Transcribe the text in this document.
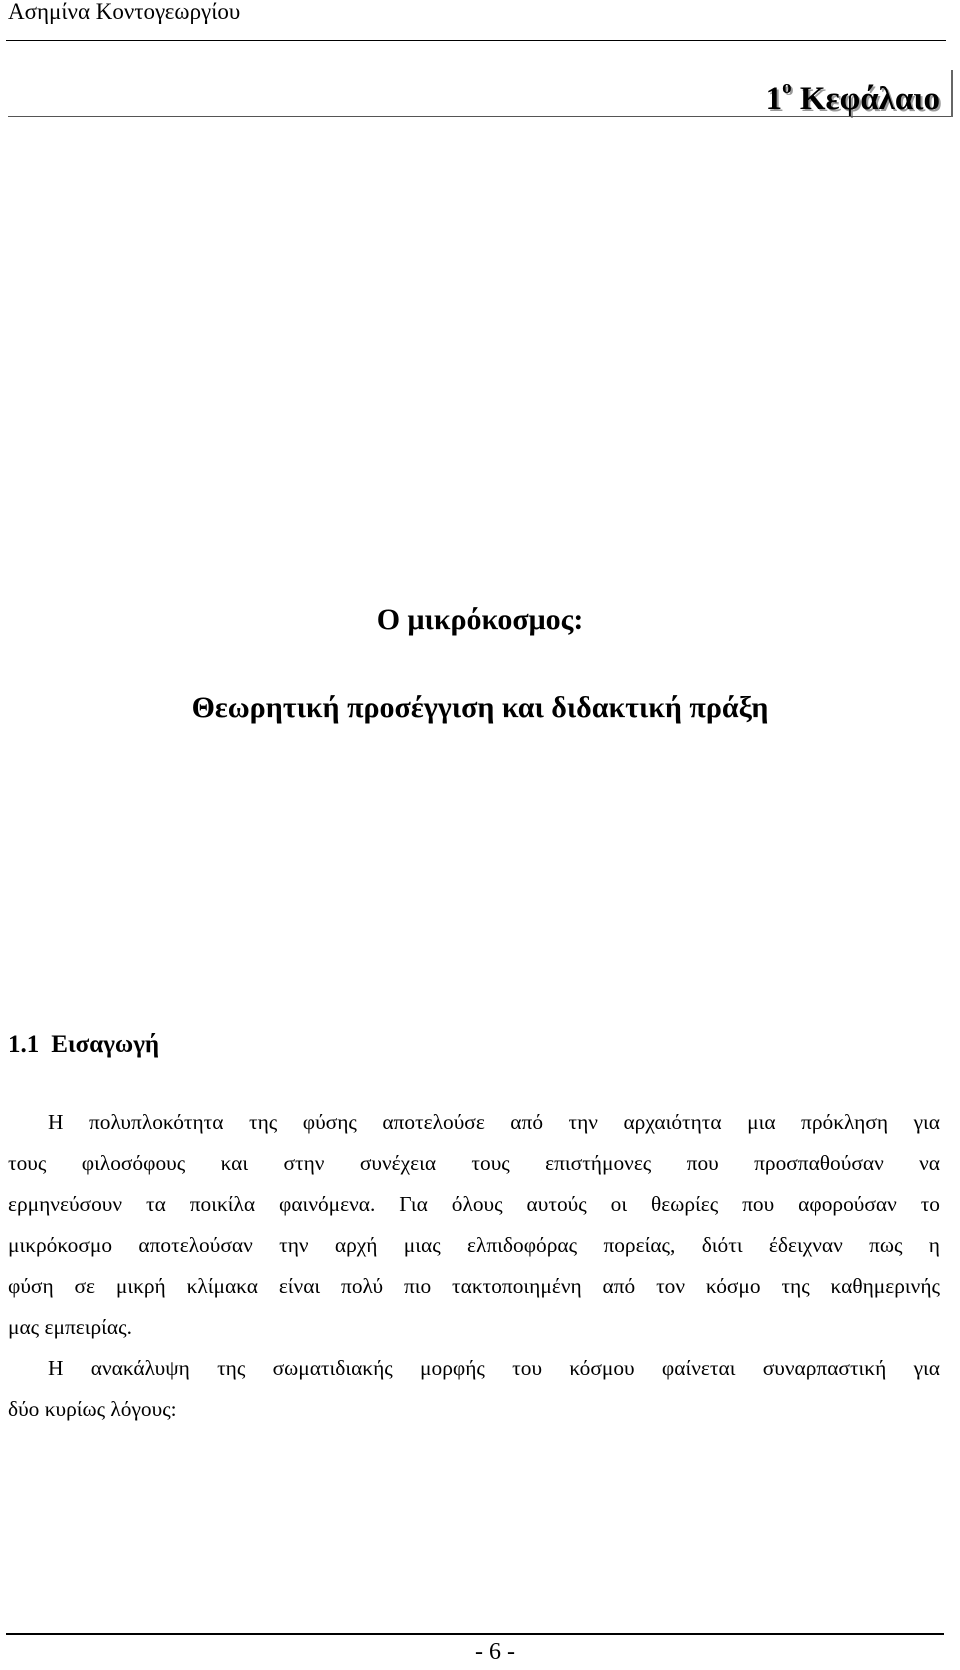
Ασημίνα Κοντογεωργίου
$1^o$ Κεφάλαιο
Ο μικρόκοσμος:
Θεωρητική προσέγγιση και διδακτική πράξη
1.1 Εισαγωγή
Η πολυπλοκότητα της φύσης αποτελούσε από την αρχαιότητα μια πρόκληση για
τους φιλοσόφους και στην συνέχεια τους επιστήμονες που προσπαθούσαν να
ερμηνεύσουν τα ποικίλα φαινόμενα. Για όλους αυτούς οι θεωρίες που αφορούσαν το
μικρόκοσμο αποτελούσαν την αρχή μιας ελπιδοφόρας πορείας, διότι έδειχναν πως η
φύση σε μικρή κλίμακα είναι πολύ πιο τακτοποιημένη από τον κόσμο της καθημερινής
μας εμπειρίας.
Η ανακάλυψη της σωματιδιακής μορφής του κόσμου φαίνεται συναρπαστική για
δύο κυρίως λόγους:
- 6 -
